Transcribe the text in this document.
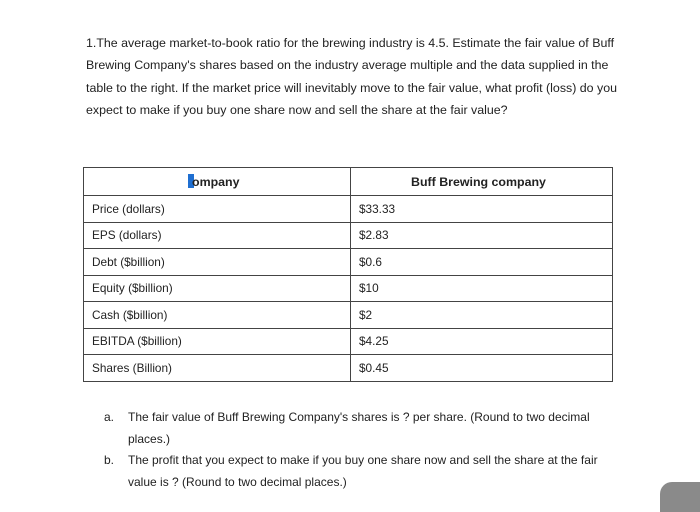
1.The average market-to-book ratio for the brewing industry is 4.5. Estimate the fair value of Buff Brewing Company's shares based on the industry average multiple and the data supplied in the table to the right. If the market price will inevitably move to the fair value, what profit (loss) do you expect to make if you buy one share now and sell the share at the fair value?

ompany	Buff Brewing company
Price (dollars)	$33.33
EPS (dollars)	$2.83
Debt ($billion)	$0.6
Equity ($billion)	$10
Cash ($billion)	$2
EBITDA ($billion)	$4.25
Shares (Billion)	$0.45
a. The fair value of Buff Brewing Company's shares is ? per share. (Round to two decimal places.)
b. The profit that you expect to make if you buy one share now and sell the share at the fair value is ? (Round to two decimal places.)
